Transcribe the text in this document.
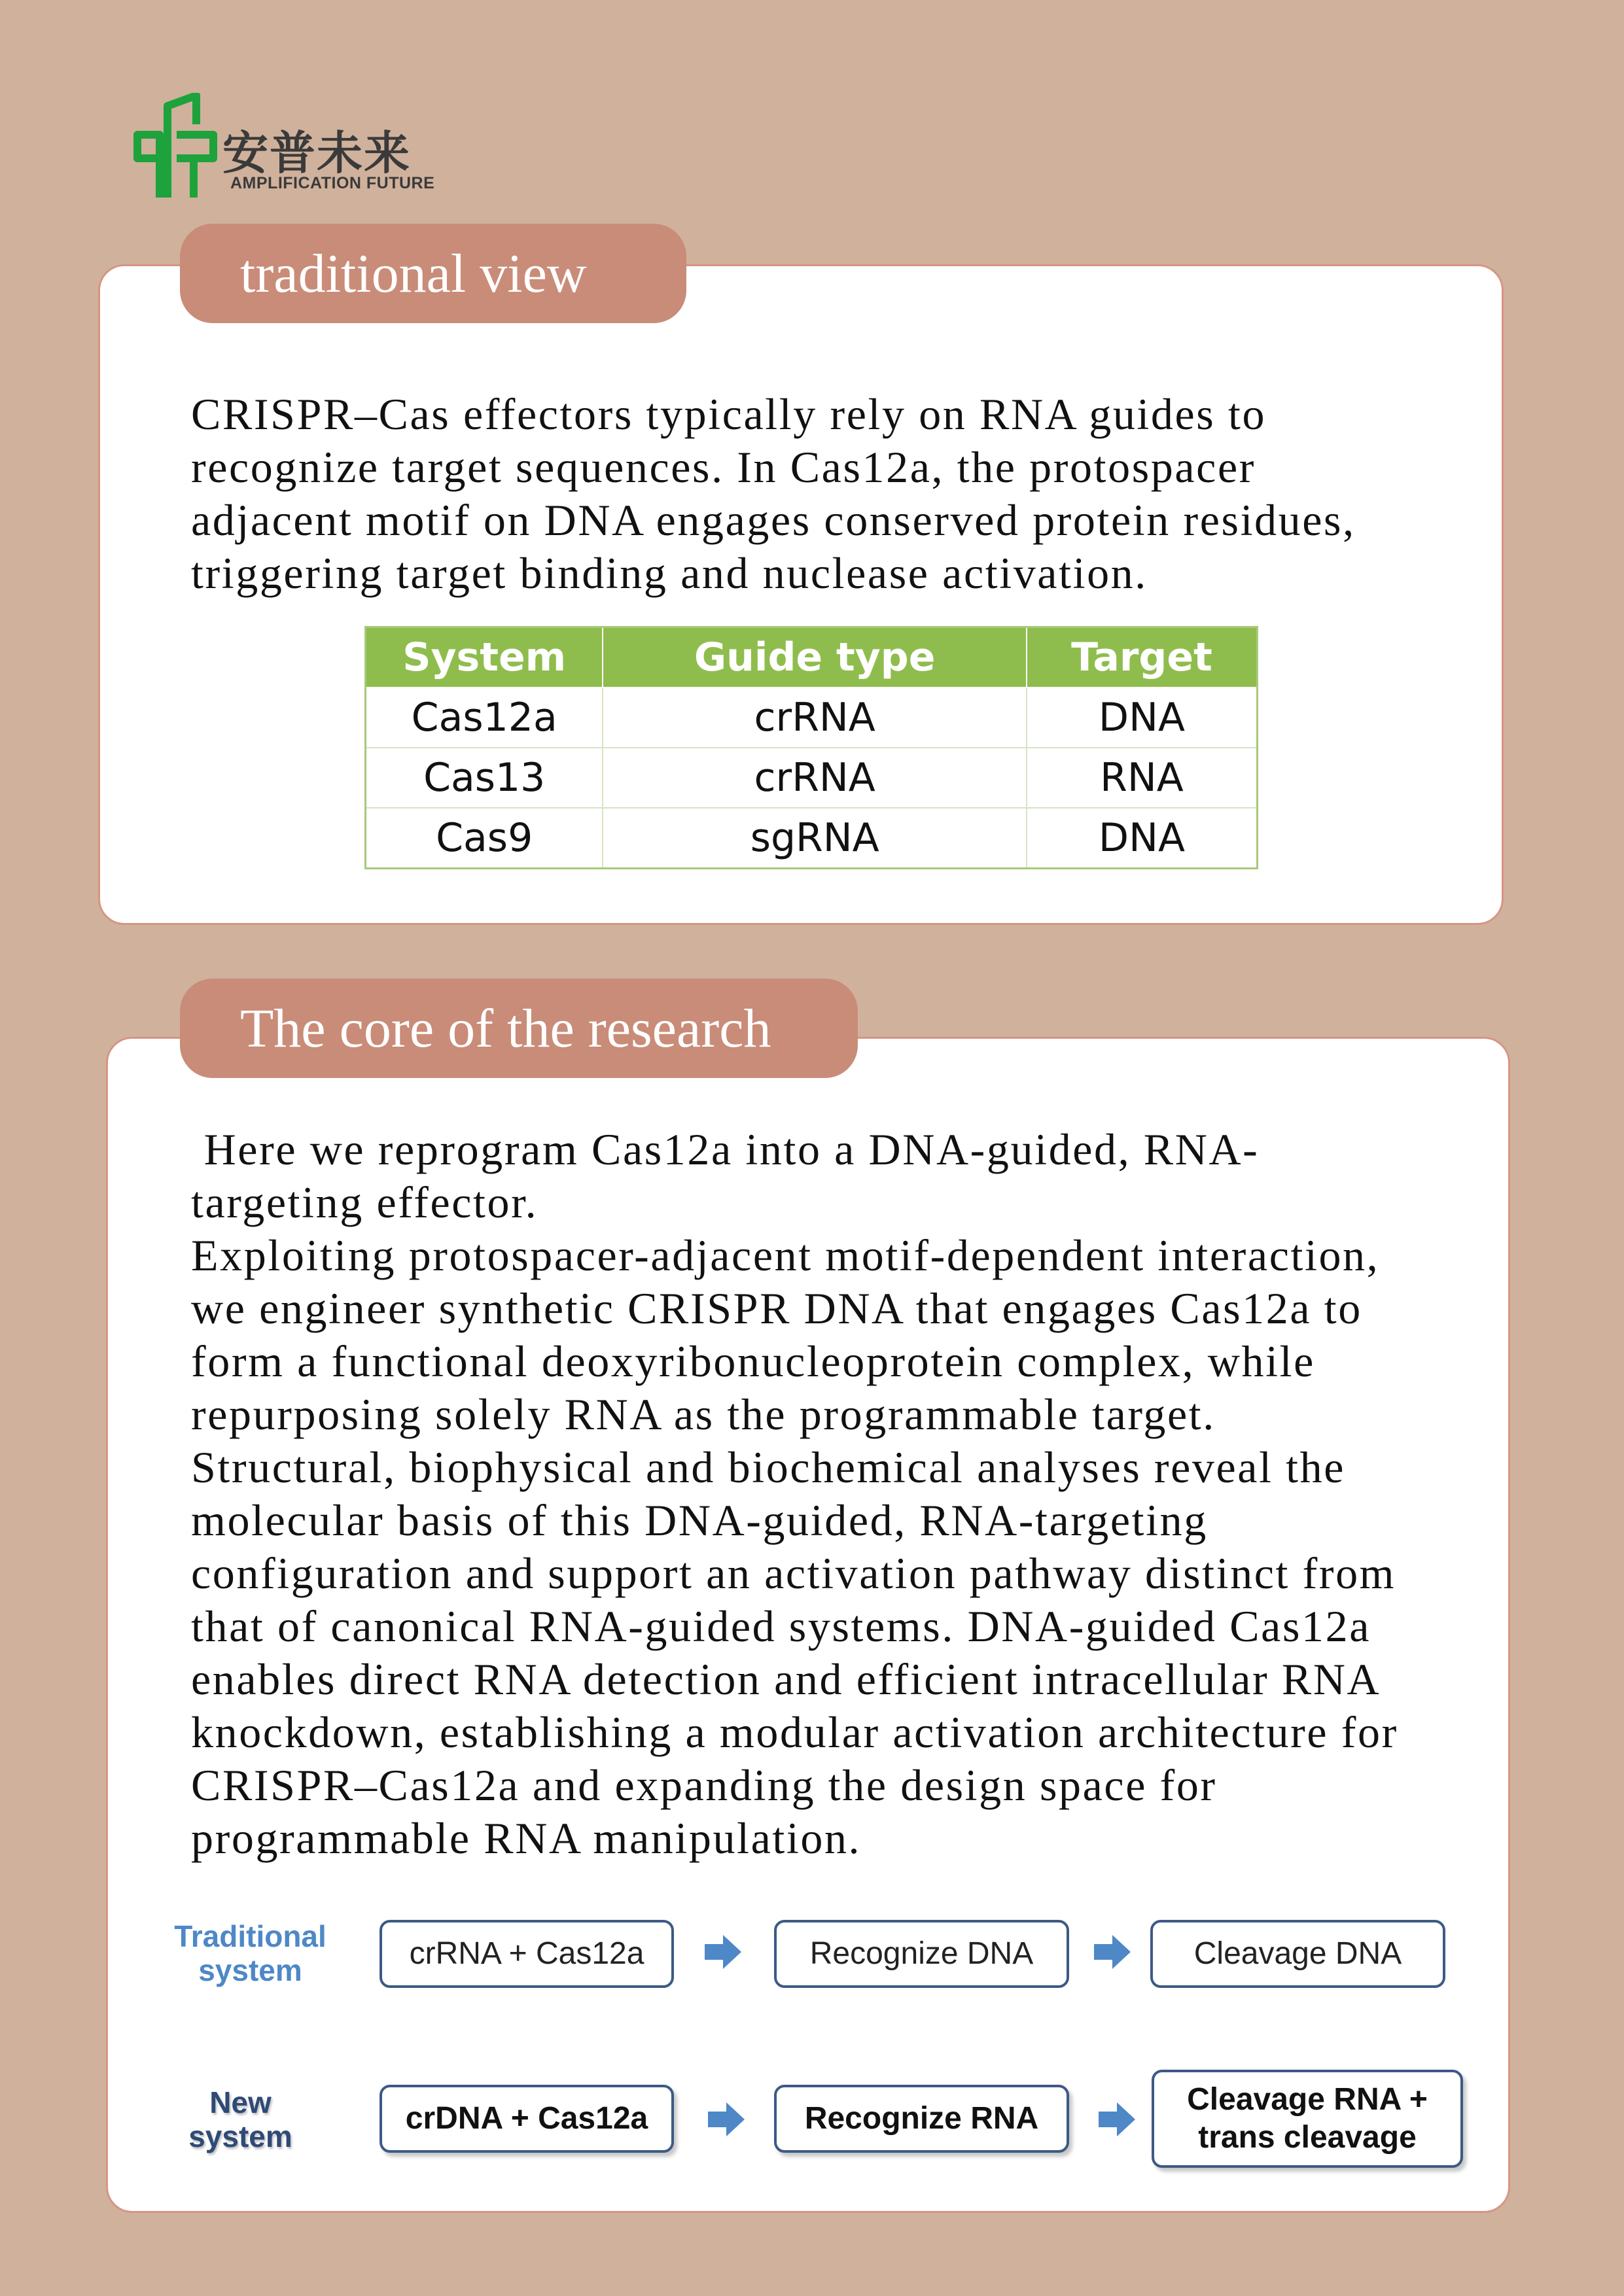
安普未来
AMPLIFICATION FUTURE
traditional view
CRISPR–Cas effectors typically rely on RNA guides to
recognize target sequences. In Cas12a, the protospacer
adjacent motif on DNA engages conserved protein residues,
triggering target binding and nuclease activation.
System	Guide type	Target
Cas12a	crRNA	DNA
Cas13	crRNA	RNA
Cas9	sgRNA	DNA
The core of the research
Here we reprogram Cas12a into a DNA-guided, RNA-
targeting effector.
Exploiting protospacer-adjacent motif-dependent interaction,
we engineer synthetic CRISPR DNA that engages Cas12a to
form a functional deoxyribonucleoprotein complex, while
repurposing solely RNA as the programmable target.
Structural, biophysical and biochemical analyses reveal the
molecular basis of this DNA-guided, RNA-targeting
configuration and support an activation pathway distinct from
that of canonical RNA-guided systems. DNA-guided Cas12a
enables direct RNA detection and efficient intracellular RNA
knockdown, establishing a modular activation architecture for
CRISPR–Cas12a and expanding the design space for
programmable RNA manipulation.
Traditional system	crRNA + Cas12a	Recognize DNA	Cleavage DNA
New system
crDNA + Cas12a	Recognize RNA
Cleavage RNA + trans cleavage
